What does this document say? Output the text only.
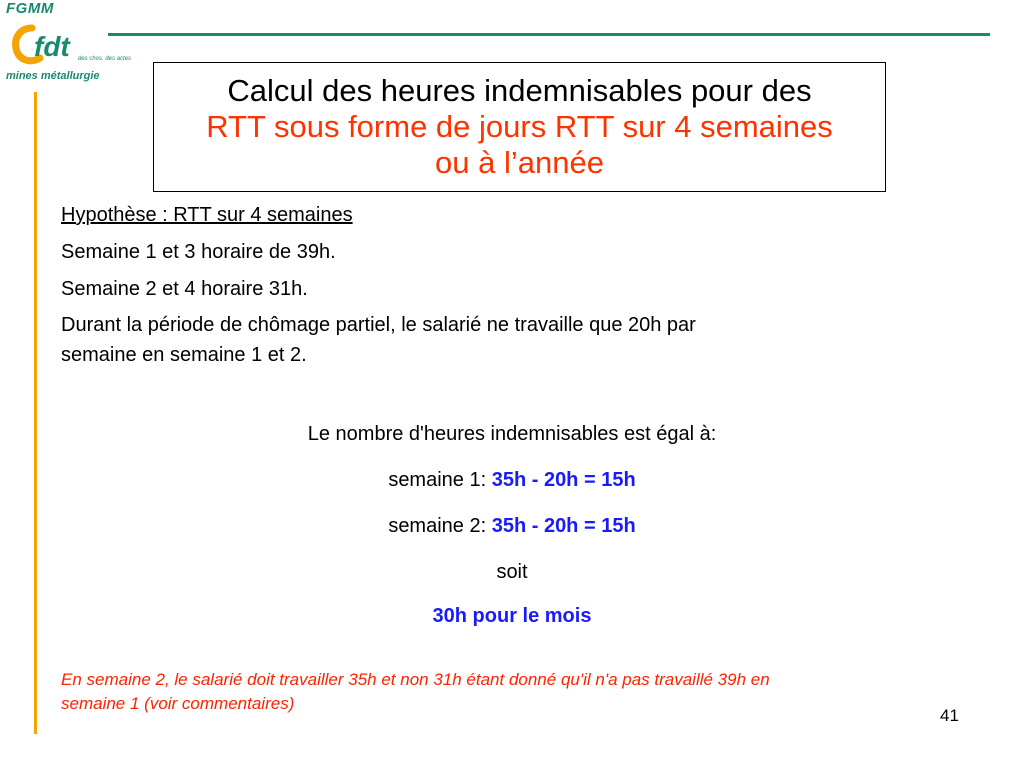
FGMM
fdt des chos. des actes
mines métallurgie	Calcul des heures indemnisables pour des
RTT sous forme de jours RTT sur 4 semaines
ou à l’année

Hypothèse : RTT sur 4 semaines

Semaine 1 et 3 horaire de 39h.

Semaine 2 et 4 horaire 31h.

Durant la période de chômage partiel, le salarié ne travaille que 20h par
semaine en semaine 1 et 2.

Le nombre d'heures indemnisables est égal à:
semaine 1: 35h - 20h = 15h
semaine 2: 35h - 20h = 15h
soit
30h pour le mois
En semaine 2, le salarié doit travailler 35h et non 31h étant donné qu'il n'a pas travaillé 39h en
semaine 1 (voir commentaires)
41
